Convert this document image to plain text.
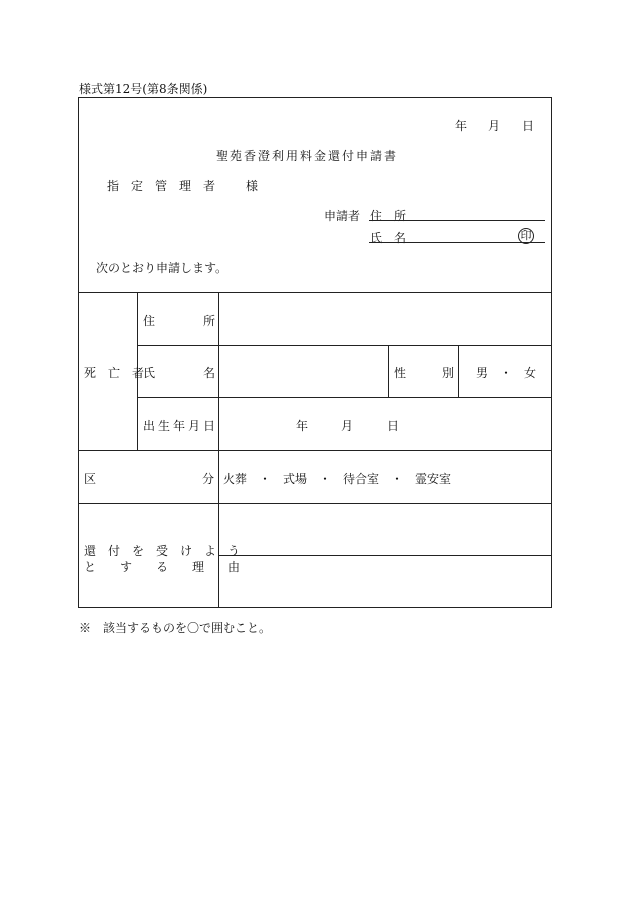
様式第12号(第8条関係)
年 月 日
聖苑香澄利用料金還付申請書
指　定　管　理　者	様
申請者 住　所
氏　名	印
次のとおり申請します。
死　亡　者
住　　　　所
氏　　　　名	性　　　別 男　・　女
出生年月日	年	月	日
区	分 火葬　・　式場　・　待合室　・　霊安室
還　付　を　受　け　よ　う
と　　す　　る　　理　　由
※　該当するものを〇で囲むこと。
